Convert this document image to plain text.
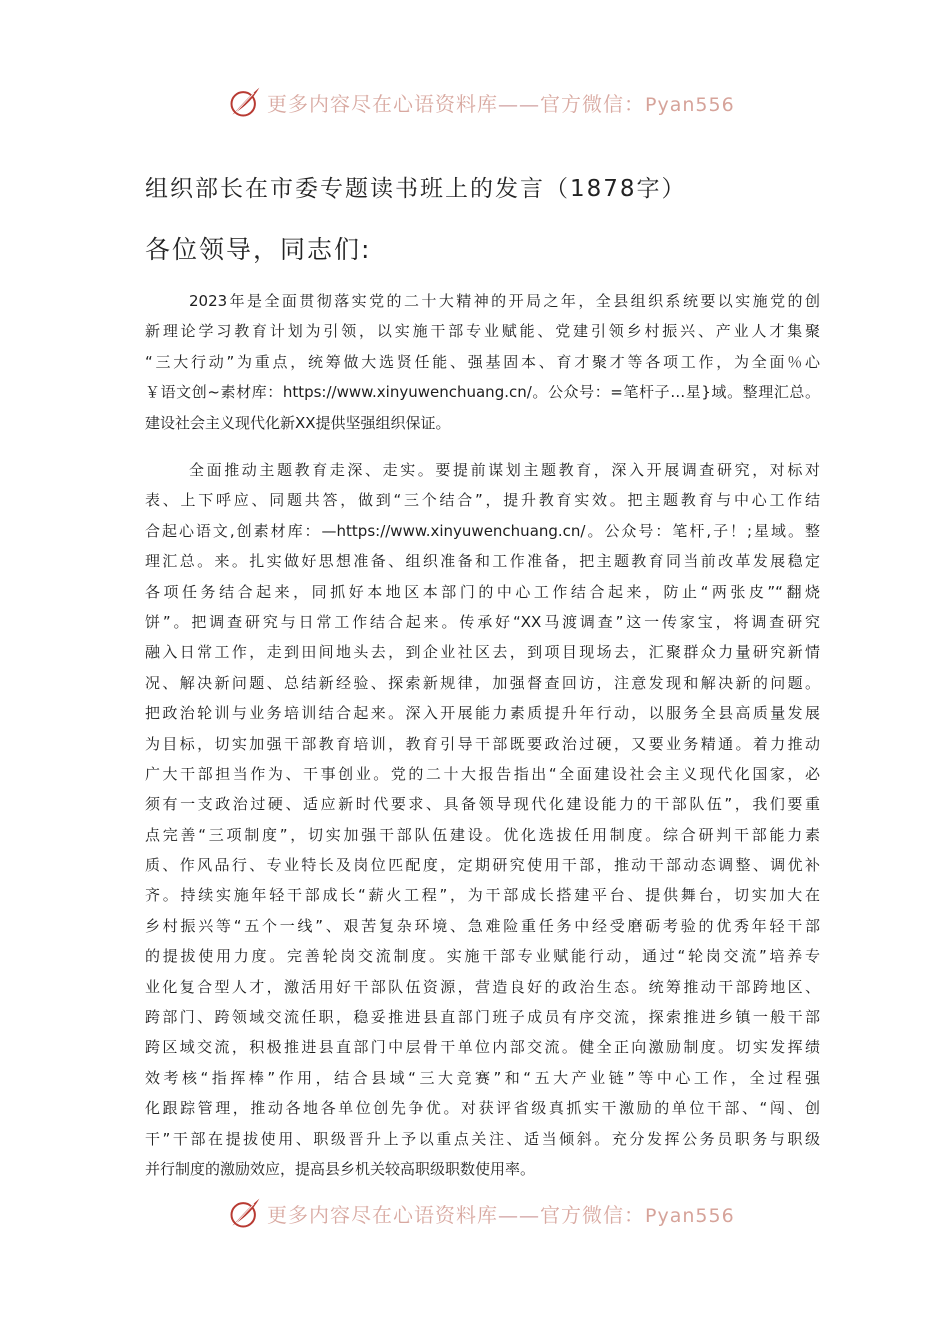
更多内容尽在心语资料库——官方微信：Pyan556
组织部长在市委专题读书班上的发言（1878字）
各位领导，同志们:
2023年是全面贯彻落实党的二十大精神的开局之年，全县组织系统要以实施党的创
新理论学习教育计划为引领，以实施干部专业赋能、党建引领乡村振兴、产业人才集聚
“三大行动”为重点，统筹做大选贤任能、强基固本、育才聚才等各项工作，为全面％心
￥语文创~素材库：https://www.xinyuwenchuang.cn/。公众号：=笔杆子…星}域。整理汇总。
建设社会主义现代化新XX提供坚强组织保证。
全面推动主题教育走深、走实。要提前谋划主题教育，深入开展调查研究，对标对
表、上下呼应、同题共答，做到“三个结合”，提升教育实效。把主题教育与中心工作结
合起心语文,创素材库：—https://www.xinyuwenchuang.cn/。公众号：笔杆,子！;星域。整
理汇总。来。扎实做好思想准备、组织准备和工作准备，把主题教育同当前改革发展稳定
各项任务结合起来，同抓好本地区本部门的中心工作结合起来，防止“两张皮”“翻烧
饼”。把调查研究与日常工作结合起来。传承好“XX马渡调查”这一传家宝，将调查研究
融入日常工作，走到田间地头去，到企业社区去，到项目现场去，汇聚群众力量研究新情
况、解决新问题、总结新经验、探索新规律，加强督查回访，注意发现和解决新的问题。
把政治轮训与业务培训结合起来。深入开展能力素质提升年行动，以服务全县高质量发展
为目标，切实加强干部教育培训，教育引导干部既要政治过硬，又要业务精通。着力推动
广大干部担当作为、干事创业。党的二十大报告指出“全面建设社会主义现代化国家，必
须有一支政治过硬、适应新时代要求、具备领导现代化建设能力的干部队伍”，我们要重
点完善“三项制度”，切实加强干部队伍建设。优化选拔任用制度。综合研判干部能力素
质、作风品行、专业特长及岗位匹配度，定期研究使用干部，推动干部动态调整、调优补
齐。持续实施年轻干部成长“薪火工程”，为干部成长搭建平台、提供舞台，切实加大在
乡村振兴等“五个一线”、艰苦复杂环境、急难险重任务中经受磨砺考验的优秀年轻干部
的提拔使用力度。完善轮岗交流制度。实施干部专业赋能行动，通过“轮岗交流”培养专
业化复合型人才，激活用好干部队伍资源，营造良好的政治生态。统筹推动干部跨地区、
跨部门、跨领域交流任职，稳妥推进县直部门班子成员有序交流，探索推进乡镇一般干部
跨区域交流，积极推进县直部门中层骨干单位内部交流。健全正向激励制度。切实发挥绩
效考核“指挥棒”作用，结合县域“三大竞赛”和“五大产业链”等中心工作，全过程强
化跟踪管理，推动各地各单位创先争优。对获评省级真抓实干激励的单位干部、“闯、创
干”干部在提拔使用、职级晋升上予以重点关注、适当倾斜。充分发挥公务员职务与职级
并行制度的激励效应，提高县乡机关较高职级职数使用率。
更多内容尽在心语资料库——官方微信：Pyan556
